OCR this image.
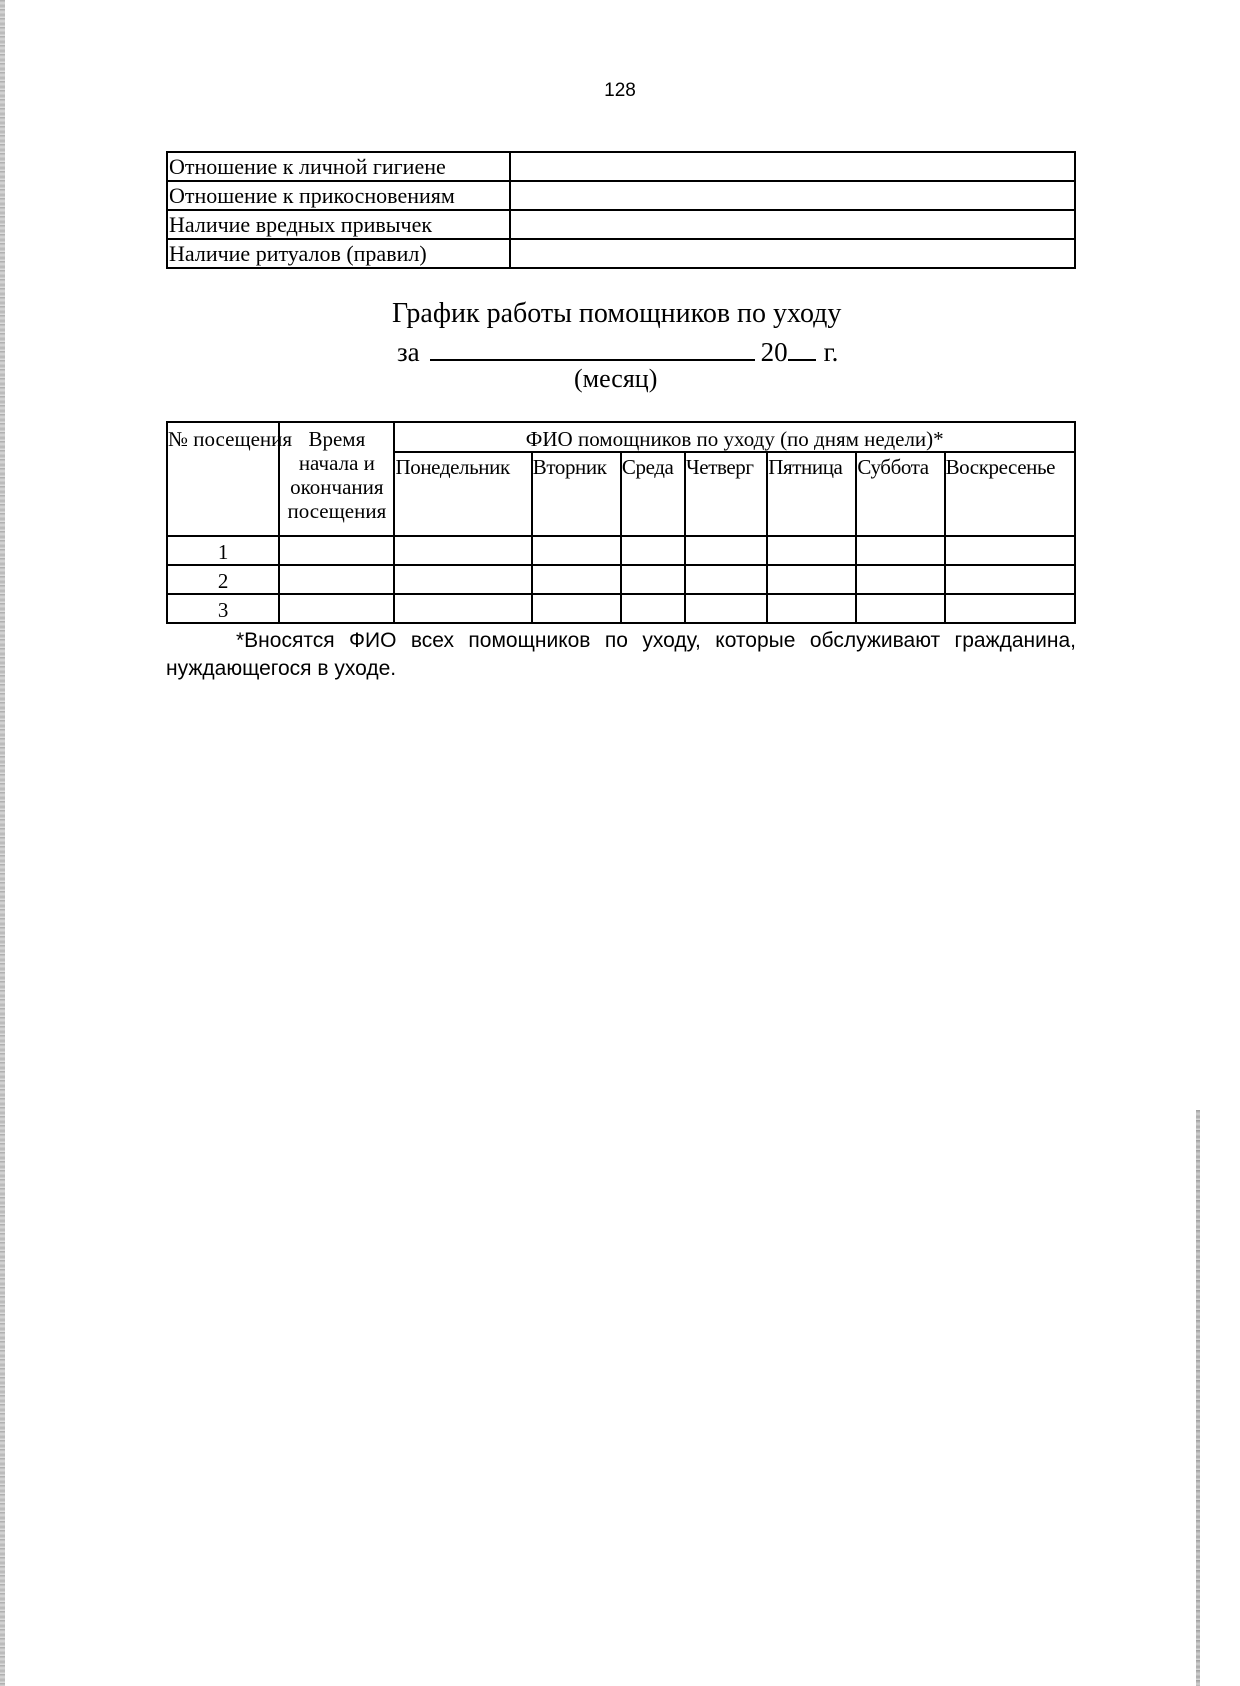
128
Отношение к личной гигиене	
Отношение к прикосновениям	
Наличие вредных привычек	
Наличие ритуалов (правил)	
График работы помощников по уходу
за	20 г.
(месяц)
№ посещения	Время начала и окончания посещения	ФИО помощников по уходу (по дням недели)*						
		Понедельник	Вторник	Среда	Четверг	Пятница	Суббота	Воскресенье
1								
2								
3								
*Вносятся ФИО всех помощников по уходу, которые обслуживают гражданина, нуждающегося в уходе.
